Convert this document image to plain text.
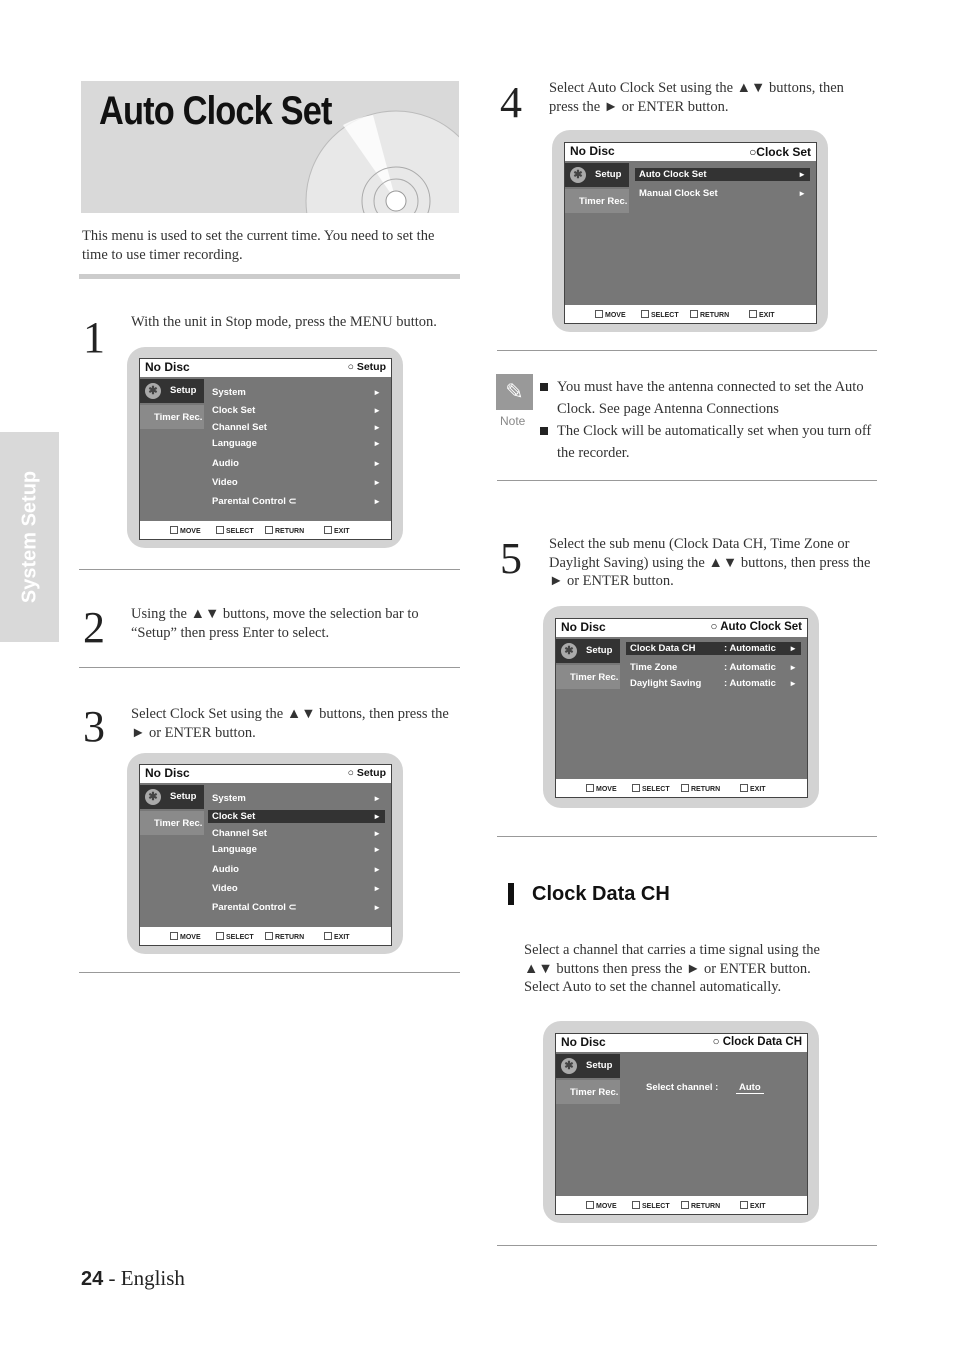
Auto Clock Set

This menu is used to set the current time. You need to set the time to use timer recording.

System Setup
1 With the unit in Stop mode, press the MENU button.

No Disc	○ Setup
✱	Setup
Timer Rec.
System	►
Clock Set	►
Channel Set	►
Language	►
Audio	►
Video	►
Parental Control ⊂	►
MOVE	SELECT	RETURN	EXIT
2 Using the ▲▼ buttons, move the selection bar to “Setup” then press Enter to select.

3 Select Clock Set using the ▲▼ buttons, then press the ► or ENTER button.

No Disc	○ Setup
✱	Setup
Timer Rec.
System	►
Clock Set	►
Channel Set	►
Language	►
Audio	►
Video	►
Parental Control ⊂	►
MOVE	SELECT	RETURN	EXIT
24 - English
4 Select Auto Clock Set using the ▲▼ buttons, then press the ► or ENTER button.

No Disc	○Clock Set
✱	Setup
Timer Rec.
Auto Clock Set	►
Manual Clock Set	►
MOVE	SELECT	RETURN	EXIT
✎
Note

You must have the antenna connected to set the Auto Clock. See page Antenna Connections

The Clock will be automatically set when you turn off the recorder.

5 Select the sub menu (Clock Data CH, Time Zone or Daylight Saving) using the ▲▼ buttons, then press the ► or ENTER button.

No Disc	○ Auto Clock Set
✱	Setup
Timer Rec.
Clock Data CH	: Automatic ►
Time Zone	: Automatic ►
Daylight Saving : Automatic ►
MOVE	SELECT	RETURN	EXIT
Clock Data CH

Select a channel that carries a time signal using the ▲▼ buttons then press the ► or ENTER button. Select Auto to set the channel automatically.

No Disc	○ Clock Data CH
✱	Setup
Timer Rec.	Select channel :	Auto
MOVE	SELECT	RETURN	EXIT
